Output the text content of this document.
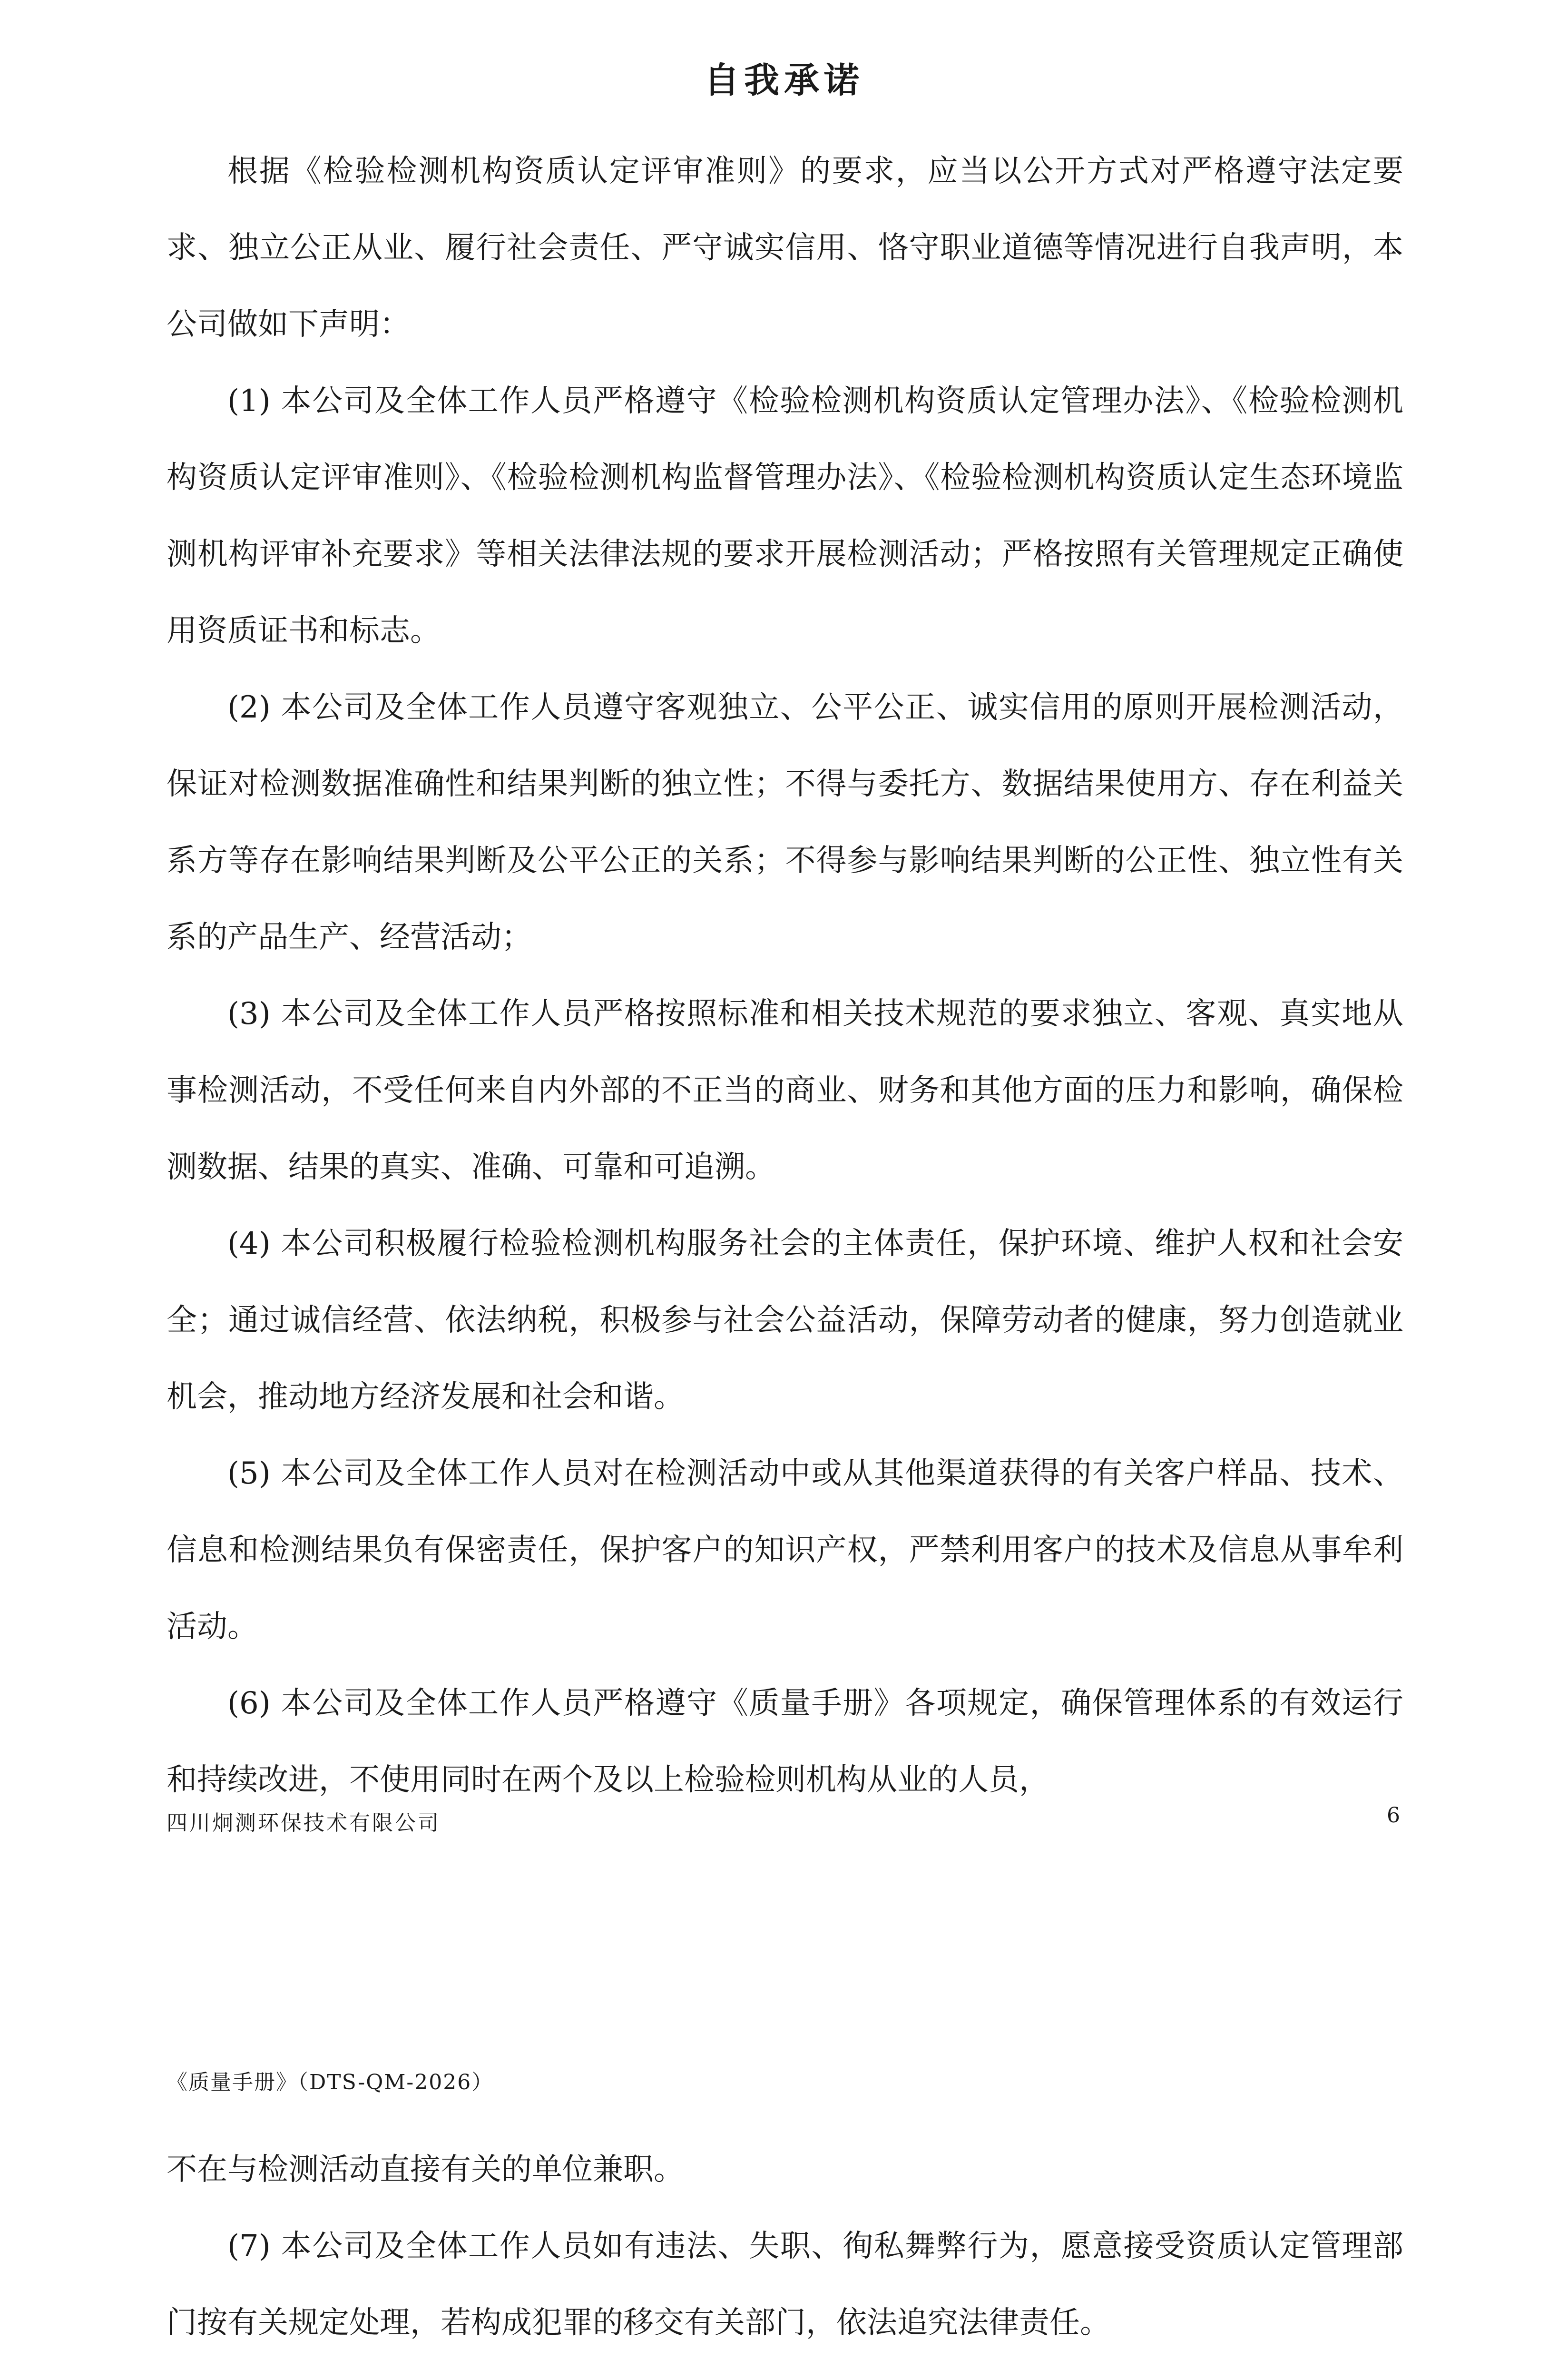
自我承诺

根据《检验检测机构资质认定评审准则》的要求，应当以公开方式对严格遵守法定要求、独立公正从业、履行社会责任、严守诚实信用、恪守职业道德等情况进行自我声明，本公司做如下声明：

(1) 本公司及全体工作人员严格遵守《检验检测机构资质认定管理办法》、《检验检测机构资质认定评审准则》、《检验检测机构监督管理办法》、《检验检测机构资质认定生态环境监测机构评审补充要求》等相关法律法规的要求开展检测活动；严格按照有关管理规定正确使用资质证书和标志。

(2) 本公司及全体工作人员遵守客观独立、公平公正、诚实信用的原则开展检测活动，保证对检测数据准确性和结果判断的独立性；不得与委托方、数据结果使用方、存在利益关系方等存在影响结果判断及公平公正的关系；不得参与影响结果判断的公正性、独立性有关系的产品生产、经营活动；

(3) 本公司及全体工作人员严格按照标准和相关技术规范的要求独立、客观、真实地从事检测活动，不受任何来自内外部的不正当的商业、财务和其他方面的压力和影响，确保检测数据、结果的真实、准确、可靠和可追溯。

(4) 本公司积极履行检验检测机构服务社会的主体责任，保护环境、维护人权和社会安全；通过诚信经营、依法纳税，积极参与社会公益活动，保障劳动者的健康，努力创造就业机会，推动地方经济发展和社会和谐。

(5) 本公司及全体工作人员对在检测活动中或从其他渠道获得的有关客户样品、技术、信息和检测结果负有保密责任，保护客户的知识产权，严禁利用客户的技术及信息从事牟利活动。

(6) 本公司及全体工作人员严格遵守《质量手册》各项规定，确保管理体系的有效运行和持续改进，不使用同时在两个及以上检验检则机构从业的人员，

四川炯测环保技术有限公司	6
《质量手册》（DTS-QM-2026）

不在与检测活动直接有关的单位兼职。

(7) 本公司及全体工作人员如有违法、失职、徇私舞弊行为，愿意接受资质认定管理部门按有关规定处理，若构成犯罪的移交有关部门，依法追究法律责任。
